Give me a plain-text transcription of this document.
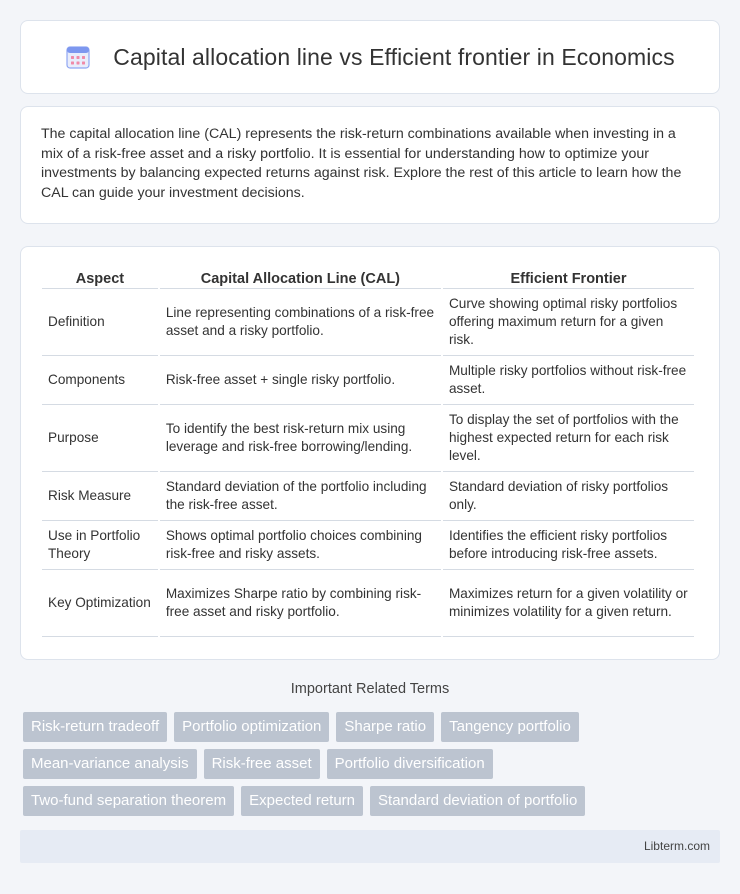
Capital allocation line vs Efficient frontier in Economics

The capital allocation line (CAL) represents the risk-return combinations available when investing in a mix of a risk-free asset and a risky portfolio. It is essential for understanding how to optimize your investments by balancing expected returns against risk. Explore the rest of this article to learn how the CAL can guide your investment decisions.

Aspect	Capital Allocation Line (CAL)	Efficient Frontier
Definition	Line representing combinations of a risk-free asset and a risky portfolio.	Curve showing optimal risky portfolios offering maximum return for a given risk.
Components	Risk-free asset + single risky portfolio.	Multiple risky portfolios without risk-free asset.
Purpose	To identify the best risk-return mix using leverage and risk-free borrowing/lending.	To display the set of portfolios with the highest expected return for each risk level.
Risk Measure	Standard deviation of the portfolio including the risk-free asset.	Standard deviation of risky portfolios only.
Use in Portfolio Theory	Shows optimal portfolio choices combining risk-free and risky assets.	Identifies the efficient risky portfolios before introducing risk-free assets.
Key Optimization	Maximizes Sharpe ratio by combining risk-free asset and risky portfolio.	Maximizes return for a given volatility or minimizes volatility for a given return.
Important Related Terms
Risk-return tradeoff	Portfolio optimization	Sharpe ratio	Tangency portfolio
Mean-variance analysis	Risk-free asset	Portfolio diversification
Two-fund separation theorem	Expected return	Standard deviation of portfolio
Libterm.com
